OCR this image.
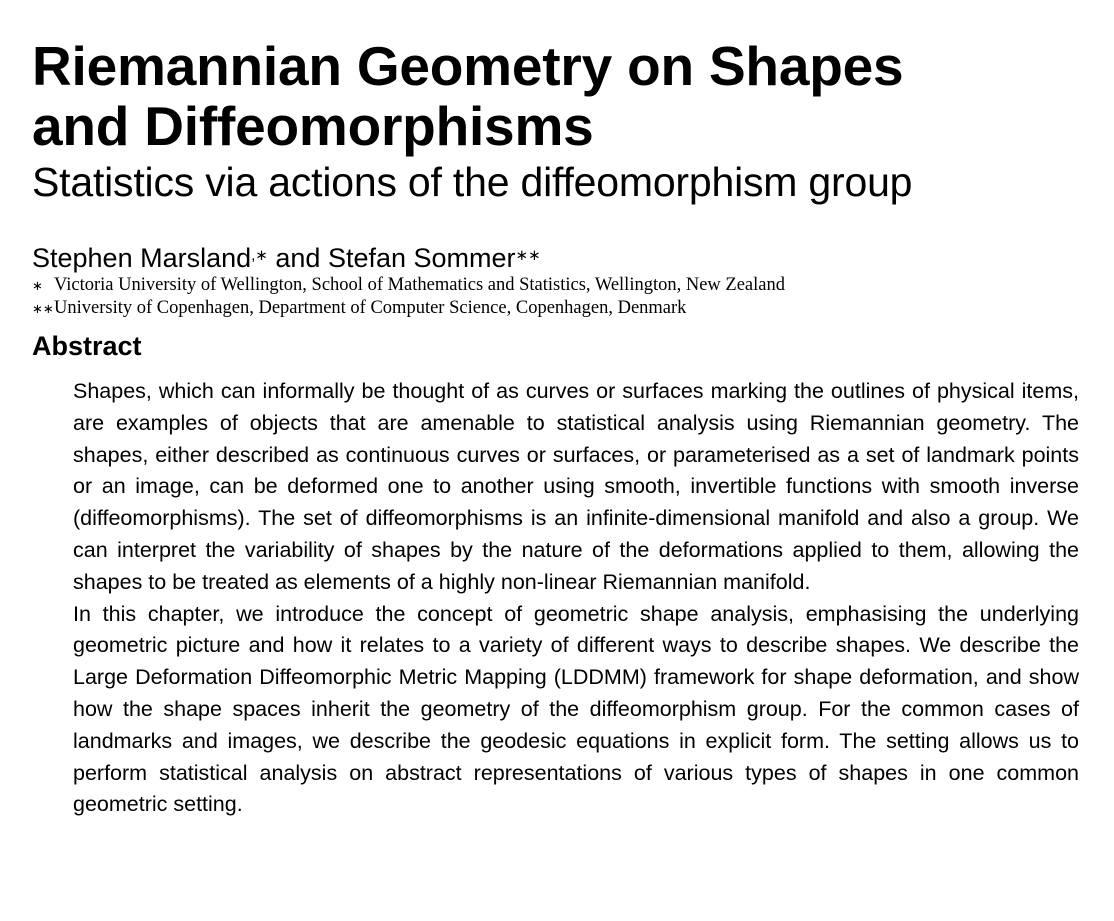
Riemannian Geometry on Shapes
and Diffeomorphisms
Statistics via actions of the diffeomorphism group
Stephen Marsland,∗ and Stefan Sommer∗∗
∗ Victoria University of Wellington, School of Mathematics and Statistics, Wellington, New Zealand
∗∗University of Copenhagen, Department of Computer Science, Copenhagen, Denmark
Abstract

Shapes, which can informally be thought of as curves or surfaces marking the outlines of physical items, are examples of objects that are amenable to statistical analysis using Riemannian geometry. The shapes, either described as continuous curves or surfaces, or parameterised as a set of landmark points or an image, can be deformed one to another using smooth, invertible functions with smooth inverse (diffeomorphisms). The set of diffeomorphisms is an infinite-dimensional manifold and also a group. We can interpret the variability of shapes by the nature of the deformations applied to them, allowing the shapes to be treated as elements of a highly non-linear Riemannian manifold.

In this chapter, we introduce the concept of geometric shape analysis, emphasising the underlying geometric picture and how it relates to a variety of different ways to describe shapes. We describe the Large Deformation Diffeomorphic Metric Mapping (LDDMM) framework for shape deformation, and show how the shape spaces inherit the geometry of the diffeomorphism group. For the common cases of landmarks and images, we describe the geodesic equations in explicit form. The setting allows us to perform statistical analysis on abstract representations of various types of shapes in one common geometric setting.
